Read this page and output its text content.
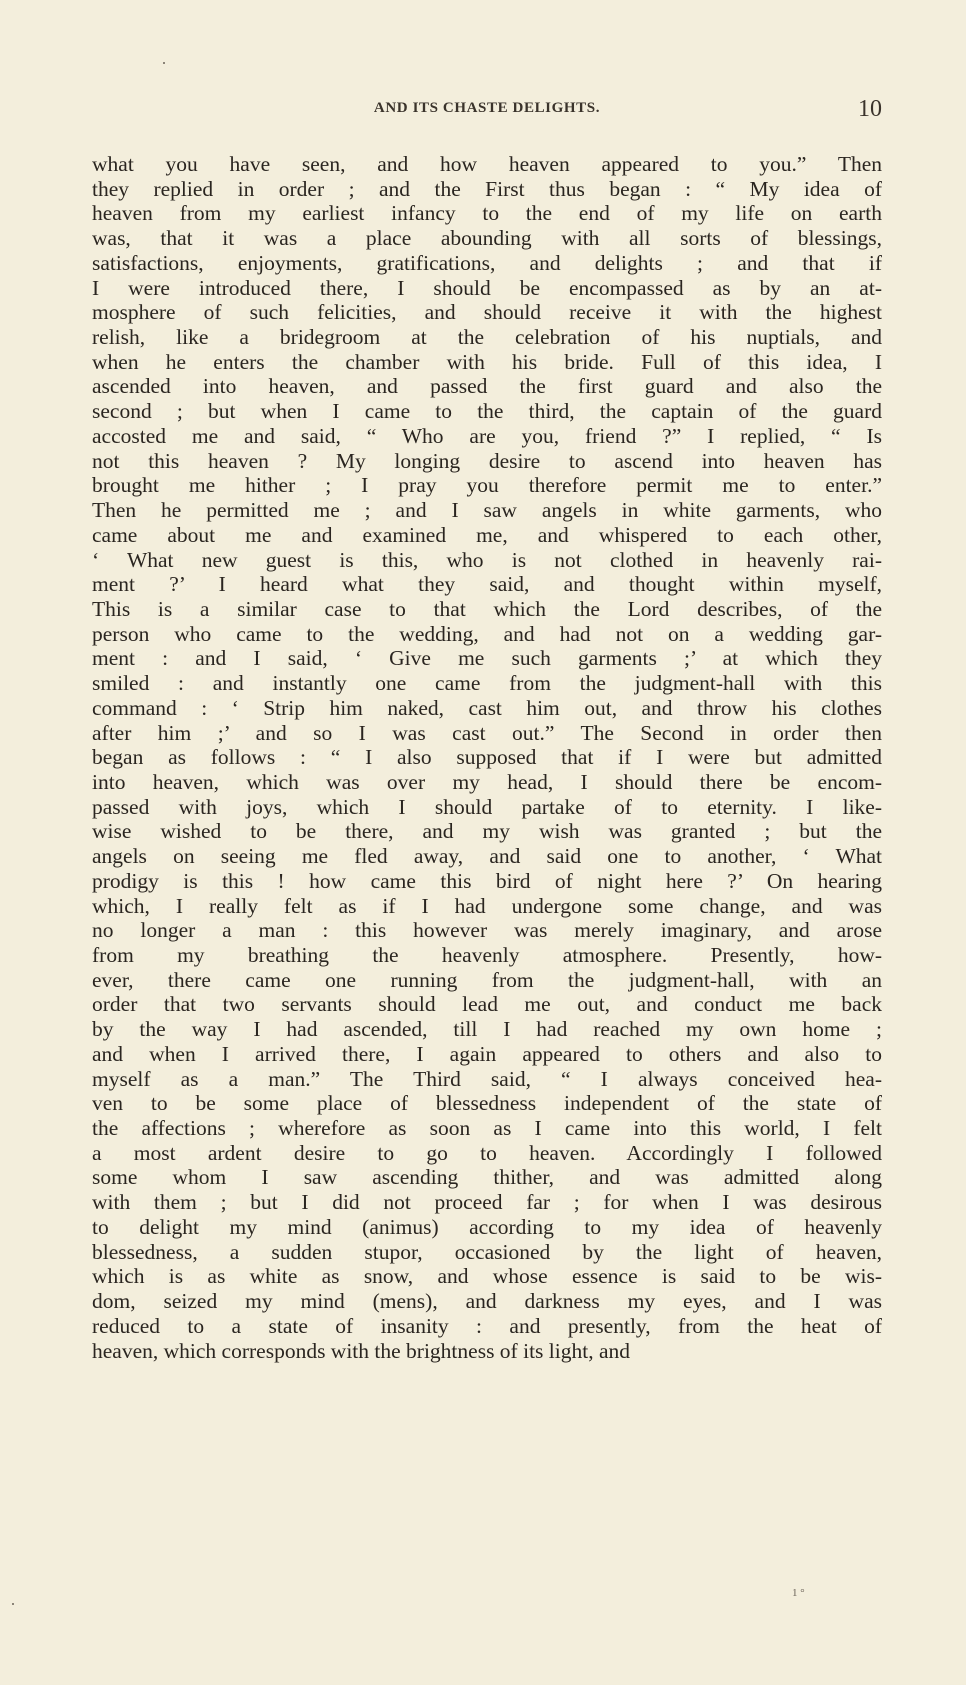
AND ITS CHASTE DELIGHTS.	10
what you have seen, and how heaven appeared to you.” Then
they replied in order ; and the First thus began : “ My idea of
heaven from my earliest infancy to the end of my life on earth
was, that it was a place abounding with all sorts of blessings,
satisfactions, enjoyments, gratifications, and delights ; and that if
I were introduced there, I should be encompassed as by an at-
mosphere of such felicities, and should receive it with the highest
relish, like a bridegroom at the celebration of his nuptials, and
when he enters the chamber with his bride. Full of this idea, I
ascended into heaven, and passed the first guard and also the
second ; but when I came to the third, the captain of the guard
accosted me and said, “ Who are you, friend ?” I replied, “ Is
not this heaven ? My longing desire to ascend into heaven has
brought me hither ; I pray you therefore permit me to enter.”
Then he permitted me ; and I saw angels in white garments, who
came about me and examined me, and whispered to each other,
‘ What new guest is this, who is not clothed in heavenly rai-
ment ?’ I heard what they said, and thought within myself,
This is a similar case to that which the Lord describes, of the
person who came to the wedding, and had not on a wedding gar-
ment : and I said, ‘ Give me such garments ;’ at which they
smiled : and instantly one came from the judgment-hall with this
command : ‘ Strip him naked, cast him out, and throw his clothes
after him ;’ and so I was cast out.” The Second in order then
began as follows : “ I also supposed that if I were but admitted
into heaven, which was over my head, I should there be encom-
passed with joys, which I should partake of to eternity. I like-
wise wished to be there, and my wish was granted ; but the
angels on seeing me fled away, and said one to another, ‘ What
prodigy is this ! how came this bird of night here ?’ On hearing
which, I really felt as if I had undergone some change, and was
no longer a man : this however was merely imaginary, and arose
from my breathing the heavenly atmosphere. Presently, how-
ever, there came one running from the judgment-hall, with an
order that two servants should lead me out, and conduct me back
by the way I had ascended, till I had reached my own home ;
and when I arrived there, I again appeared to others and also to
myself as a man.” The Third said, “ I always conceived hea-
ven to be some place of blessedness independent of the state of
the affections ; wherefore as soon as I came into this world, I felt
a most ardent desire to go to heaven. Accordingly I followed
some whom I saw ascending thither, and was admitted along
with them ; but I did not proceed far ; for when I was desirous
to delight my mind (animus) according to my idea of heavenly
blessedness, a sudden stupor, occasioned by the light of heaven,
which is as white as snow, and whose essence is said to be wis-
dom, seized my mind (mens), and darkness my eyes, and I was
reduced to a state of insanity : and presently, from the heat of
heaven, which corresponds with the brightness of its light, and
1 °
